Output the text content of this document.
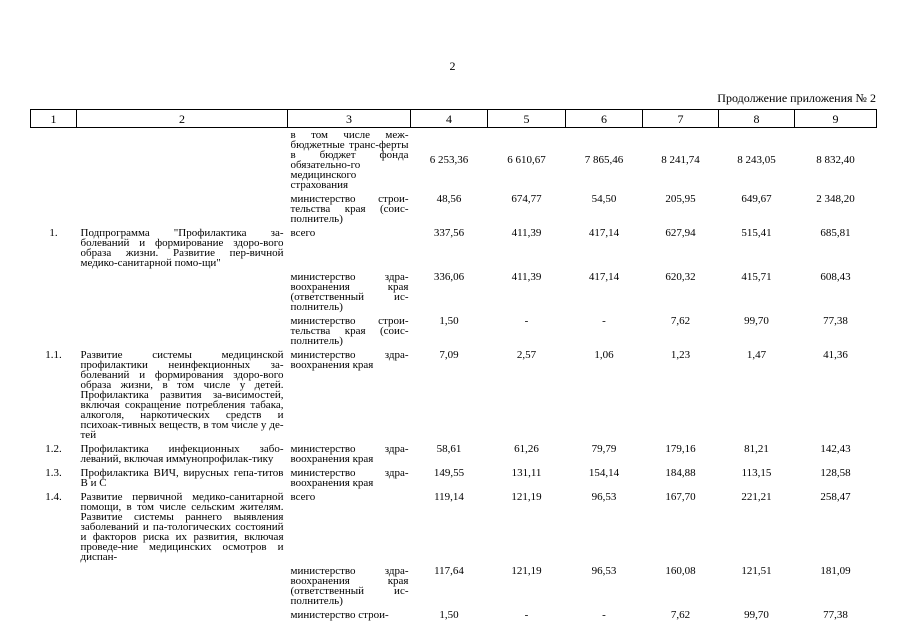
2
Продолжение приложения № 2
1	2	3	4	5	6	7	8	9
		в том числе меж-бюджетные транс-ферты в бюджет фонда обязательно-го медицинского страхования	6 253,36	6 610,67	7 865,46	8 241,74	8 243,05	8 832,40
		министерство строи-тельства края (соис-полнитель)	48,56	674,77	54,50	205,95	649,67	2 348,20
1.	Подпрограмма "Профилактика за-болеваний и формирование здоро-вого образа жизни. Развитие пер-вичной медико-санитарной помо-щи"	всего	337,56	411,39	417,14	627,94	515,41	685,81
		министерство здра-воохранения края (ответственный ис-полнитель)	336,06	411,39	417,14	620,32	415,71	608,43
		министерство строи-тельства края (соис-полнитель)	1,50	-	-	7,62	99,70	77,38
1.1.	Развитие системы медицинской профилактики неинфекционных за-болеваний и формирования здоро-вого образа жизни, в том числе у детей. Профилактика развития за-висимостей, включая сокращение потребления табака, алкоголя, наркотических средств и психоак-тивных веществ, в том числе у де-тей	министерство здра-воохранения края	7,09	2,57	1,06	1,23	1,47	41,36
1.2.	Профилактика инфекционных забо-леваний, включая иммунопрофилак-тику	министерство здра-воохранения края	58,61	61,26	79,79	179,16	81,21	142,43
1.3.	Профилактика ВИЧ, вирусных гепа-титов В и С	министерство здра-воохранения края	149,55	131,11	154,14	184,88	113,15	128,58
1.4.	Развитие первичной медико-санитарной помощи, в том числе сельским жителям. Развитие системы раннего выявления заболеваний и па-тологических состояний и факторов риска их развития, включая проведе-ние медицинских осмотров и диспан-	всего	119,14	121,19	96,53	167,70	221,21	258,47
		министерство здра-воохранения края (ответственный ис-полнитель)	117,64	121,19	96,53	160,08	121,51	181,09
		министерство строи-	1,50	-	-	7,62	99,70	77,38
